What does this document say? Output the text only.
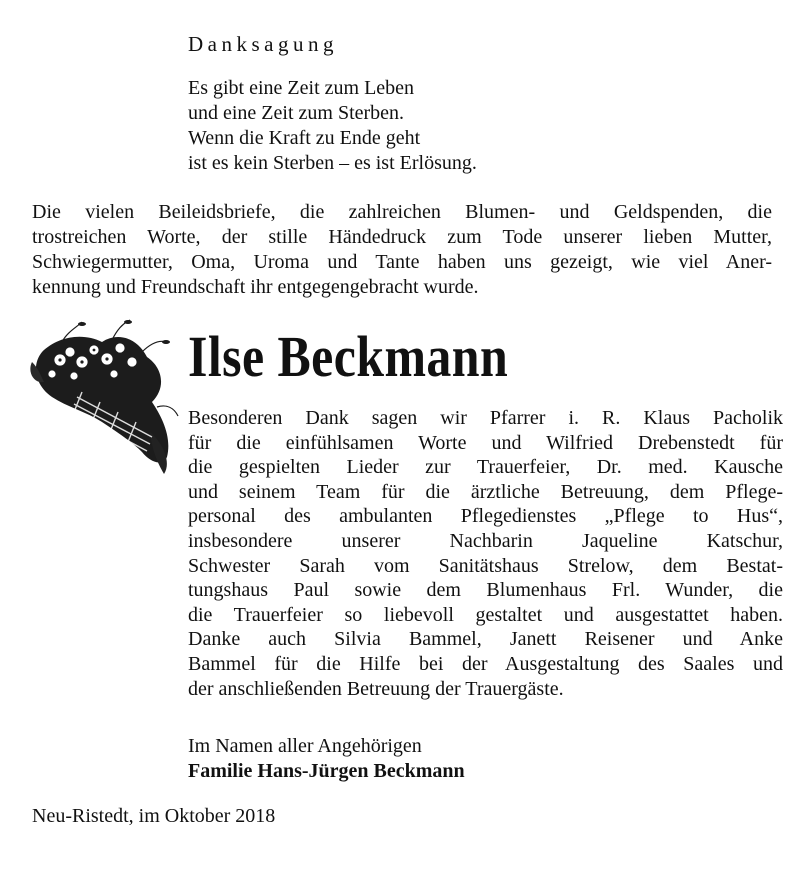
Danksagung
Es gibt eine Zeit zum Leben
und eine Zeit zum Sterben.
Wenn die Kraft zu Ende geht
ist es kein Sterben – es ist Erlösung.
Die vielen Beileidsbriefe, die zahlreichen Blumen- und Geldspenden, die
trostreichen Worte, der stille Händedruck zum Tode unserer lieben Mutter,
Schwiegermutter, Oma, Uroma und Tante haben uns gezeigt, wie viel Aner-
kennung und Freundschaft ihr entgegengebracht wurde.
Ilse Beckmann
Besonderen Dank sagen wir Pfarrer i. R. Klaus Pacholik
für die einfühlsamen Worte und Wilfried Drebenstedt für
die gespielten Lieder zur Trauerfeier, Dr. med. Kausche
und seinem Team für die ärztliche Betreuung, dem Pflege-
personal des ambulanten Pflegedienstes „Pflege to Hus“,
insbesondere unserer Nachbarin Jaqueline Katschur,
Schwester Sarah vom Sanitätshaus Strelow, dem Bestat-
tungshaus Paul sowie dem Blumenhaus Frl. Wunder, die
die Trauerfeier so liebevoll gestaltet und ausgestattet haben.
Danke auch Silvia Bammel, Janett Reisener und Anke
Bammel für die Hilfe bei der Ausgestaltung des Saales und
der anschließenden Betreuung der Trauergäste.
Im Namen aller Angehörigen
Familie Hans-Jürgen Beckmann
Neu-Ristedt, im Oktober 2018
